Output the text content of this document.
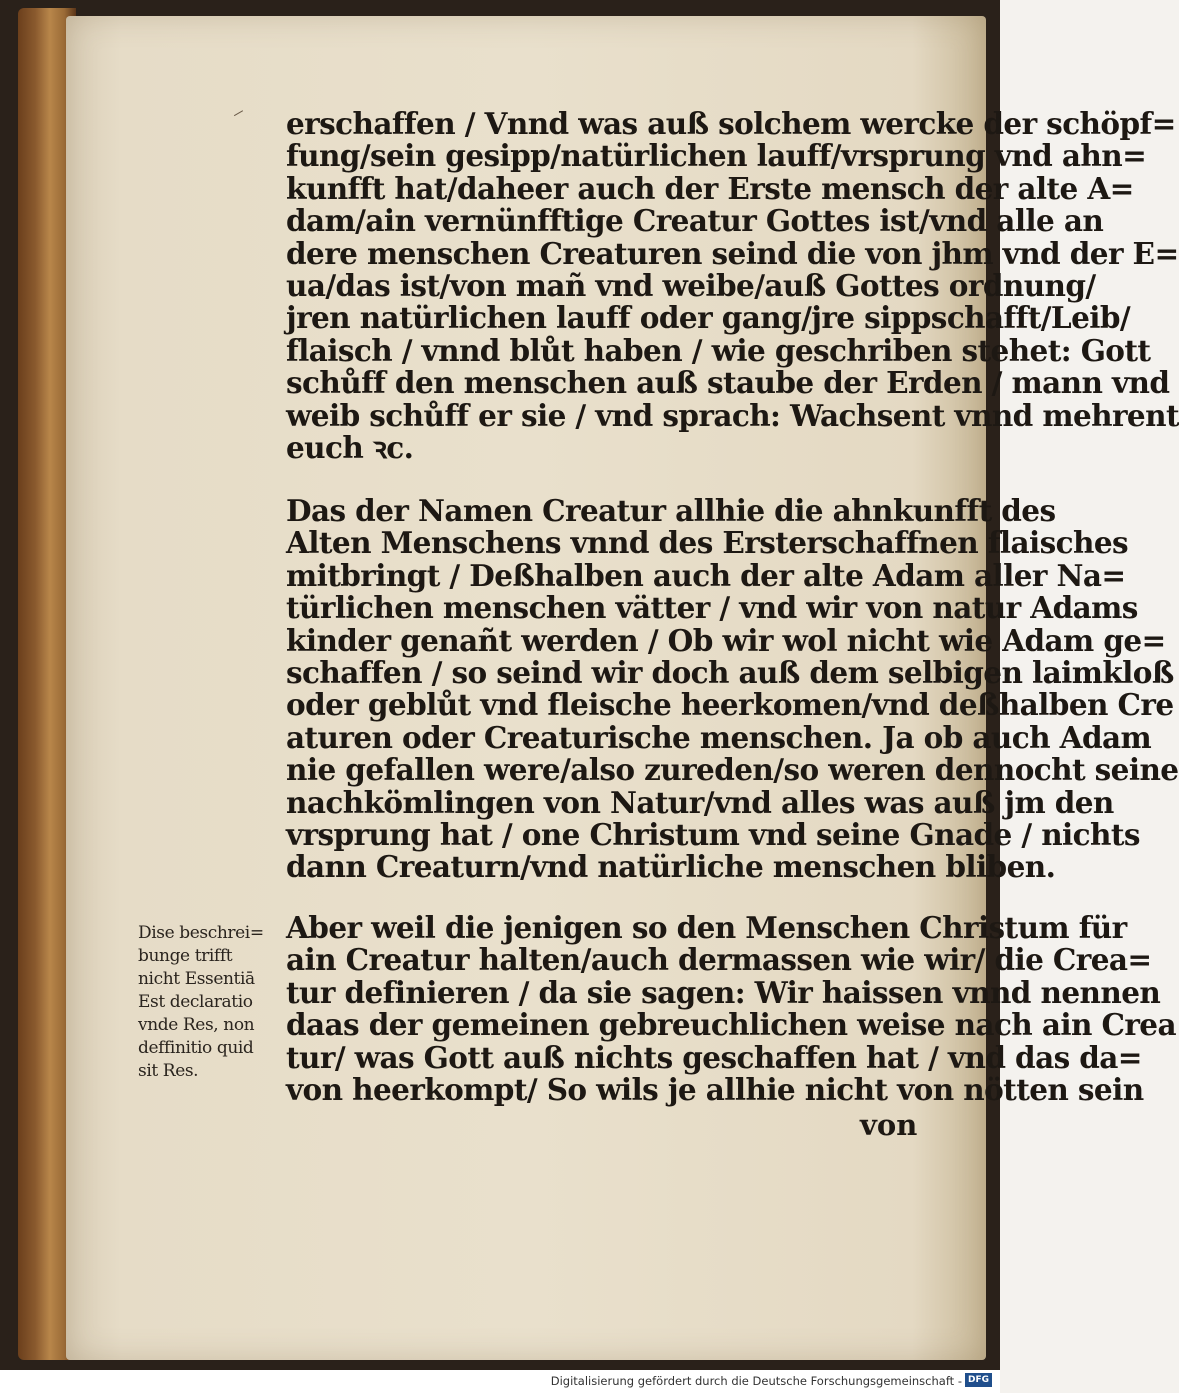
erschaffen / Vnnd was auß solchem wercke der schöpf=
fung/sein gesipp/natürlichen lauff/vrsprung vnd ahn=
kunfft hat/daheer auch der Erste mensch der alte A=
dam/ain vernünfftige Creatur Gottes ist/vnd alle an
dere menschen Creaturen seind die von jhm vnd der E=
ua/das ist/von mañ vnd weibe/auß Gottes ordnung/
jren natürlichen lauff oder gang/jre sippschafft/Leib/
flaisch / vnnd blůt haben / wie geschriben stehet: Gott
schůff den menschen auß staube der Erden / mann vnd
weib schůff er sie / vnd sprach: Wachsent vnnd mehrent
euch ꝛc.
Das der Namen Creatur allhie die ahnkunfft des
Alten Menschens vnnd des Ersterschaffnen flaisches
mitbringt / Deßhalben auch der alte Adam aller Na=
türlichen menschen vätter / vnd wir von natur Adams
kinder genañt werden / Ob wir wol nicht wie Adam ge=
schaffen / so seind wir doch auß dem selbigen laimkloß
oder geblůt vnd fleische heerkomen/vnd deßhalben Cre
aturen oder Creaturische menschen. Ja ob auch Adam
nie gefallen were/also zureden/so weren dennocht seine
nachkömlingen von Natur/vnd alles was auß jm den
vrsprung hat / one Christum vnd seine Gnade / nichts
dann Creaturn/vnd natürliche menschen bliben.
Dise beschrei=
bunge trifft
nicht Essentiā
Est declaratio
vnde Res, non
deffinitio quid
sit Res.
Aber weil die jenigen so den Menschen Christum für
ain Creatur halten/auch dermassen wie wir/ die Crea=
tur definieren / da sie sagen: Wir haissen vnnd nennen
daas der gemeinen gebreuchlichen weise nach ain Crea
tur/ was Gott auß nichts geschaffen hat / vnd das da=
von heerkompt/ So wils je allhie nicht von nötten sein
von
Digitalisierung gefördert durch die Deutsche Forschungsgemeinschaft - DFG
